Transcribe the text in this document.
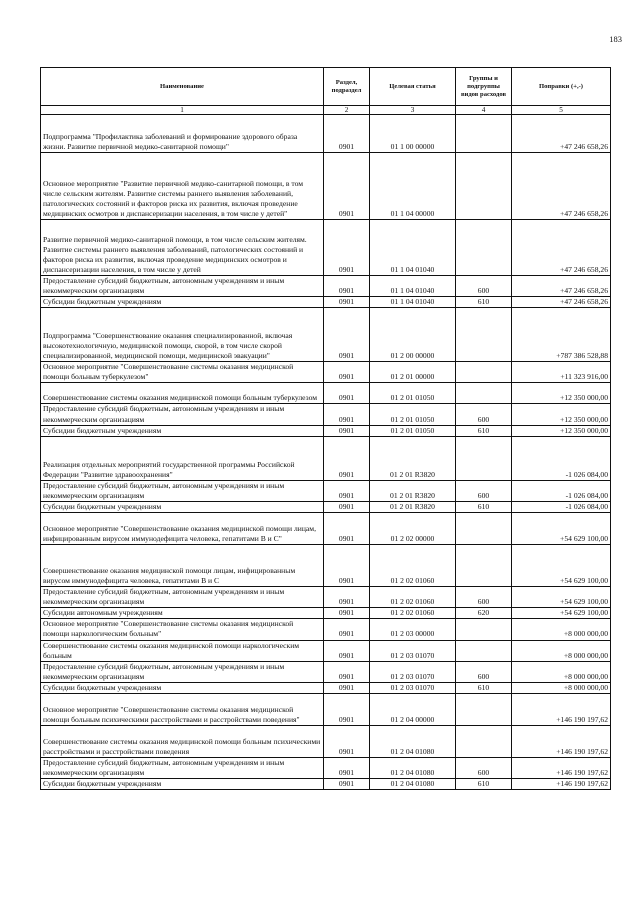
183
Наименование	Раздел, подраздел	Целевая статья	Группы и подгруппы видов расходов	Поправки (+,-)
1	2	3	4	5
Подпрограмма "Профилактика заболеваний и формирование здорового образа жизни. Развитие первичной медико-санитарной помощи"	0901	01 1 00 00000		+47 246 658,26
Основное мероприятие "Развитие первичной медико-санитарной помощи, в том числе сельским жителям. Развитие системы раннего выявления заболеваний, патологических состояний и факторов риска их развития, включая проведение медицинских осмотров и диспансеризации населения, в том числе у детей"	0901	01 1 04 00000		+47 246 658,26
Развитие первичной медико-санитарной помощи, в том числе сельским жителям. Развитие системы раннего выявления заболеваний, патологических состояний и факторов риска их развития, включая проведение медицинских осмотров и диспансеризации населения, в том числе у детей	0901	01 1 04 01040		+47 246 658,26
Предоставление субсидий бюджетным, автономным учреждениям и иным некоммерческим организациям	0901	01 1 04 01040	600	+47 246 658,26
Субсидии бюджетным учреждениям	0901	01 1 04 01040	610	+47 246 658,26
Подпрограмма "Совершенствование оказания специализированной, включая высокотехнологичную, медицинской помощи, скорой, в том числе скорой специализированной, медицинской помощи, медицинской эвакуации"	0901	01 2 00 00000		+787 386 528,88
Основное мероприятие "Совершенствование системы оказания медицинской помощи больным туберкулезом"	0901	01 2 01 00000		+11 323 916,00
Совершенствование системы оказания медицинской помощи больным туберкулезом	0901	01 2 01 01050		+12 350 000,00
Предоставление субсидий бюджетным, автономным учреждениям и иным некоммерческим организациям	0901	01 2 01 01050	600	+12 350 000,00
Субсидии бюджетным учреждениям	0901	01 2 01 01050	610	+12 350 000,00
Реализация отдельных мероприятий государственной программы Российской Федерации "Развитие здравоохранения"	0901	01 2 01 R3820		-1 026 084,00
Предоставление субсидий бюджетным, автономным учреждениям и иным некоммерческим организациям	0901	01 2 01 R3820	600	-1 026 084,00
Субсидии бюджетным учреждениям	0901	01 2 01 R3820	610	-1 026 084,00
Основное мероприятие "Совершенствование оказания медицинской помощи лицам, инфицированным вирусом иммунодефицита человека, гепатитами В и С"	0901	01 2 02 00000		+54 629 100,00
Совершенствование оказания медицинской помощи лицам, инфицированным вирусом иммунодефицита человека, гепатитами В и С	0901	01 2 02 01060		+54 629 100,00
Предоставление субсидий бюджетным, автономным учреждениям и иным некоммерческим организациям	0901	01 2 02 01060	600	+54 629 100,00
Субсидии автономным учреждениям	0901	01 2 02 01060	620	+54 629 100,00
Основное мероприятие "Совершенствование системы оказания медицинской помощи наркологическим больным"	0901	01 2 03 00000		+8 000 000,00
Совершенствование системы оказания медицинской помощи наркологическим больным	0901	01 2 03 01070		+8 000 000,00
Предоставление субсидий бюджетным, автономным учреждениям и иным некоммерческим организациям	0901	01 2 03 01070	600	+8 000 000,00
Субсидии бюджетным учреждениям	0901	01 2 03 01070	610	+8 000 000,00
Основное мероприятие "Совершенствование системы оказания медицинской помощи больным психическими расстройствами и расстройствами поведения"	0901	01 2 04 00000		+146 190 197,62
Совершенствование системы оказания медицинской помощи больным психическими расстройствами и расстройствами поведения	0901	01 2 04 01080		+146 190 197,62
Предоставление субсидий бюджетным, автономным учреждениям и иным некоммерческим организациям	0901	01 2 04 01080	600	+146 190 197,62
Субсидии бюджетным учреждениям	0901	01 2 04 01080	610	+146 190 197,62
